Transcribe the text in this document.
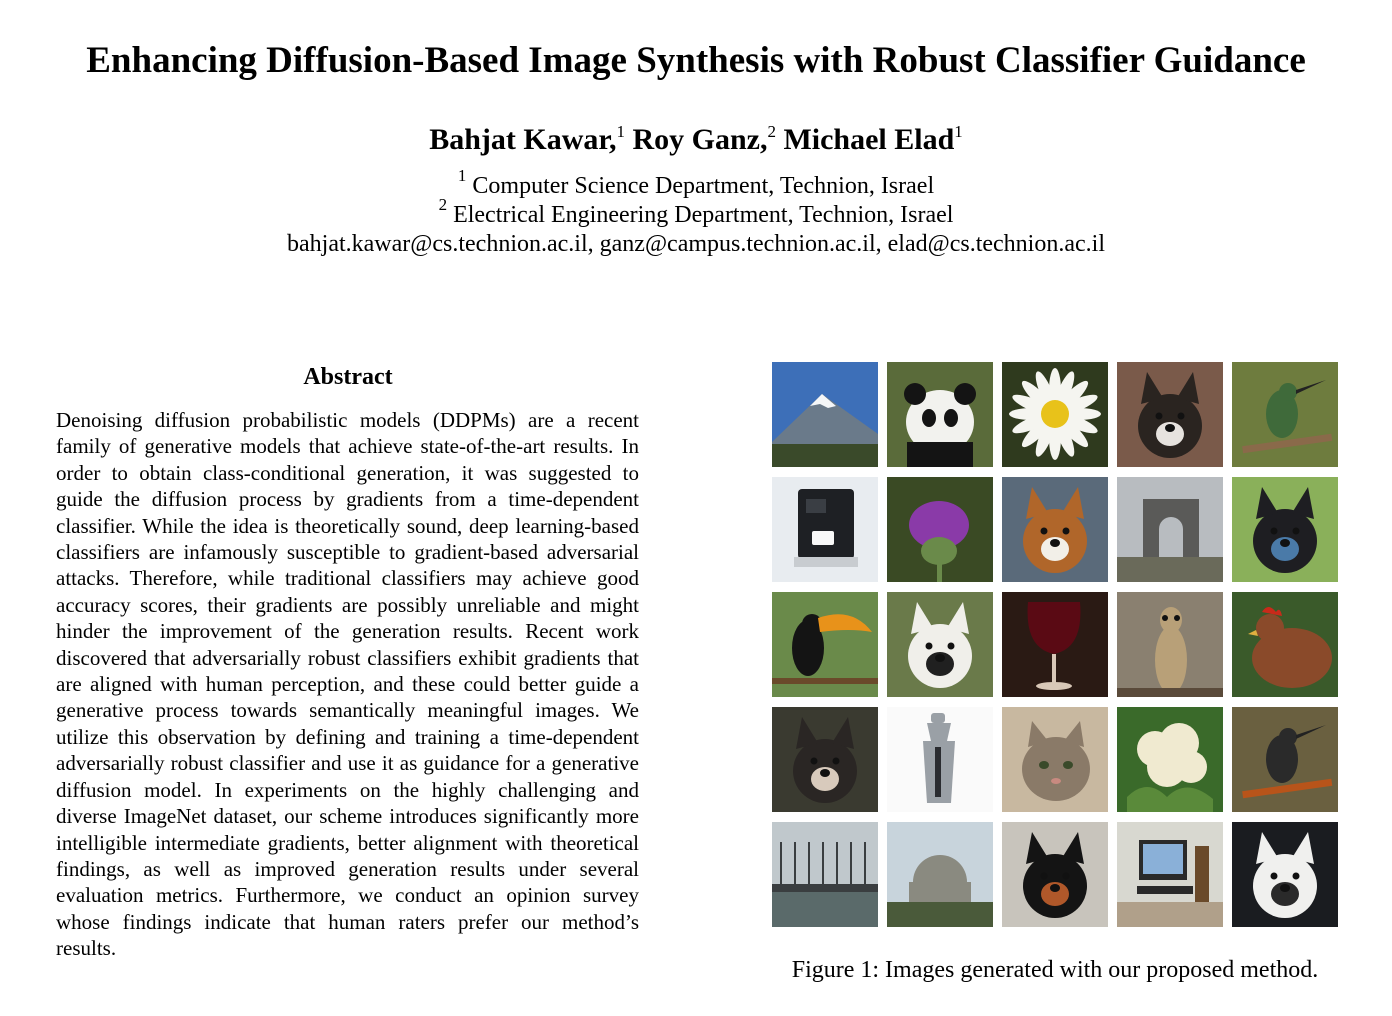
Enhancing Diffusion-Based Image Synthesis with Robust Classifier Guidance
Bahjat Kawar,$^1$ Roy Ganz,$^2$ Michael Elad$^1$
$^1$ Computer Science Department, Technion, Israel
$^2$ Electrical Engineering Department, Technion, Israel
bahjat.kawar@cs.technion.ac.il, ganz@campus.technion.ac.il, elad@cs.technion.ac.il
Abstract
Denoising diffusion probabilistic models (DDPMs) are a recent family of generative models that achieve state-of-the-art results. In order to obtain class-conditional generation, it was suggested to guide the diffusion process by gradients from a time-dependent classifier. While the idea is theoretically sound, deep learning-based classifiers are infamously susceptible to gradient-based adversarial attacks. Therefore, while traditional classifiers may achieve good accuracy scores, their gradients are possibly unreliable and might hinder the improvement of the generation results. Recent work discovered that adversarially robust classifiers exhibit gradients that are aligned with human perception, and these could better guide a generative process towards semantically meaningful images. We utilize this observation by defining and training a time-dependent adversarially robust classifier and use it as guidance for a generative diffusion model. In experiments on the highly challenging and diverse ImageNet dataset, our scheme introduces significantly more intelligible intermediate gradients, better alignment with theoretical findings, as well as improved generation results under several evaluation metrics. Furthermore, we conduct an opinion survey whose findings indicate that human raters prefer our method’s results.
Figure 1: Images generated with our proposed method.
